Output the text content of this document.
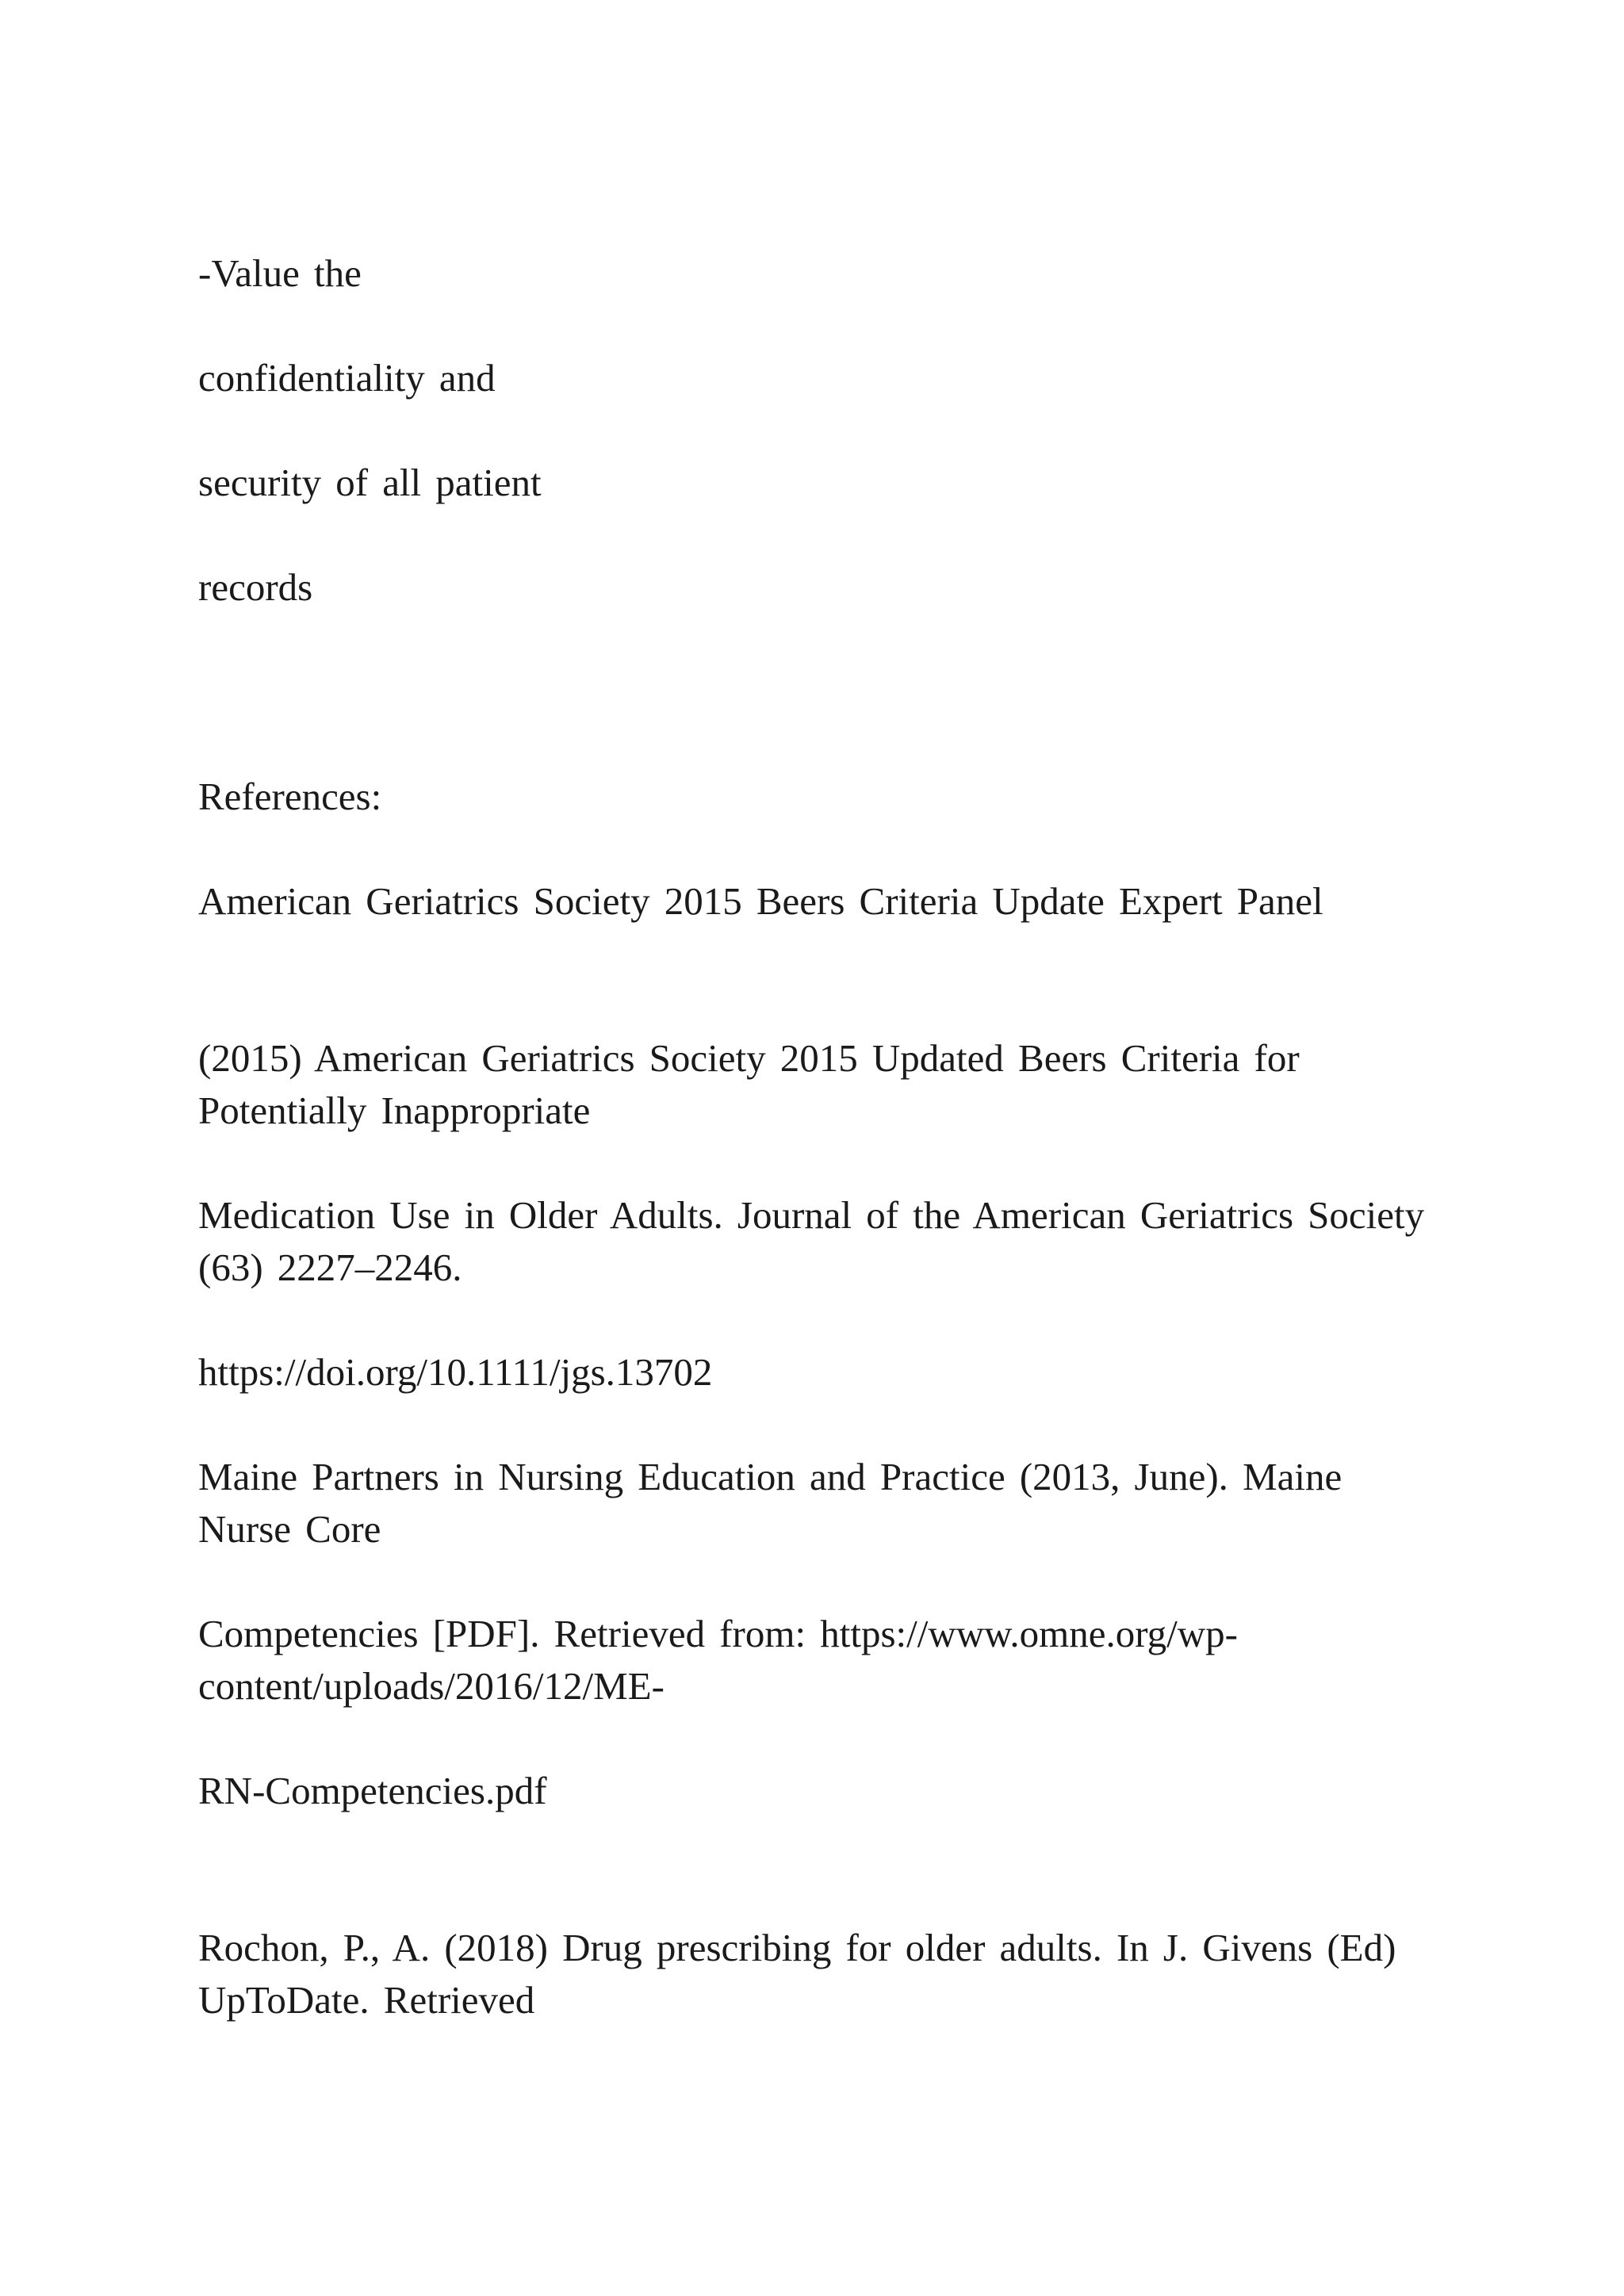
-Value the

confidentiality and

security of all patient

records

References:

American Geriatrics Society 2015 Beers Criteria Update Expert Panel

(2015) American Geriatrics Society 2015 Updated Beers Criteria for Potentially Inappropriate

Medication Use in Older Adults. Journal of the American Geriatrics Society (63) 2227–2246.

https://doi.org/10.1111/jgs.13702

Maine Partners in Nursing Education and Practice (2013, June). Maine Nurse Core

Competencies [PDF]. Retrieved from: https://www.omne.org/wp-content/uploads/2016/12/ME-

RN-Competencies.pdf

Rochon, P., A. (2018) Drug prescribing for older adults. In J. Givens (Ed) UpToDate. Retrieved
